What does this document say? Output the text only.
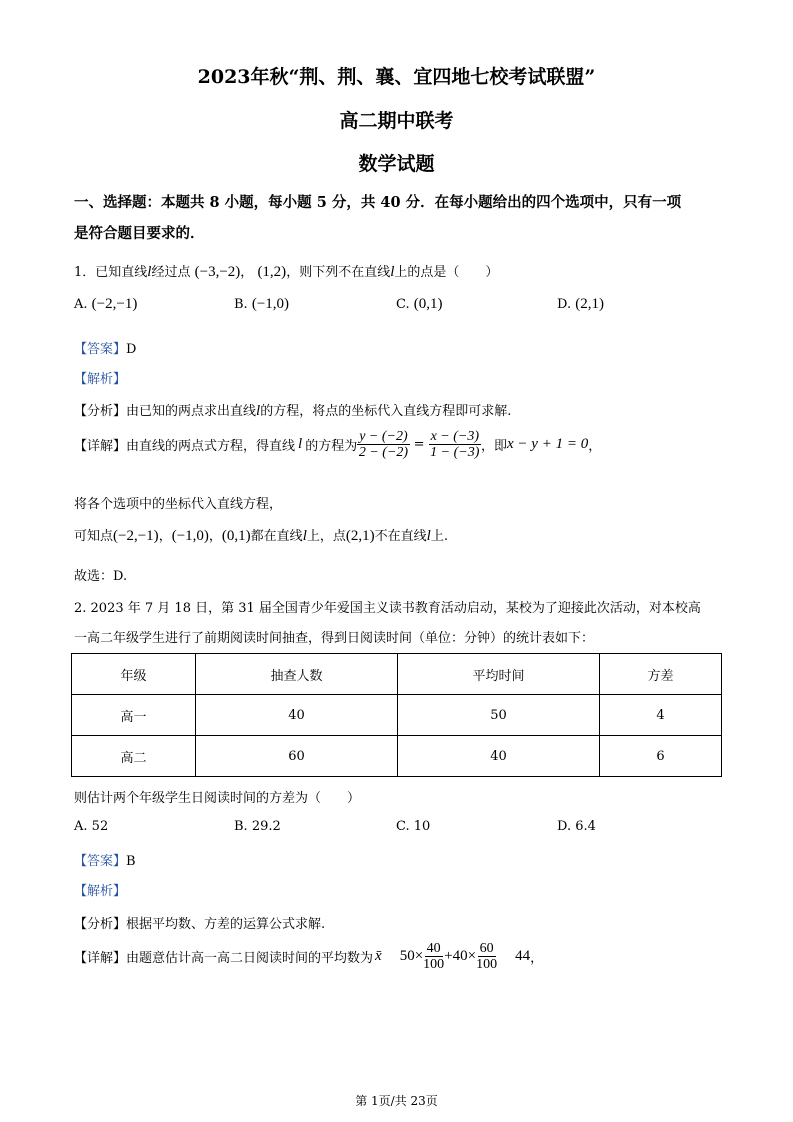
2023年秋“荆、荆、襄、宜四地七校考试联盟”
高二期中联考
数学试题
一、选择题：本题共 8 小题，每小题 5 分，共 40 分．在每小题给出的四个选项中，只有一项
是符合题目要求的．
1．已知直线l经过点 (−3,−2)， (1,2)，则下列不在直线l上的点是（　　）
A. (−2,−1)	B. (−1,0)	C. (0,1)	D. (2,1)
【答案】D
【解析】
【分析】由已知的两点求出直线l的方程，将点的坐标代入直线方程即可求解.
【详解】 由直线的两点式方程，得直线 l 的方程为 $\frac{y - (-2)}{2 - (-2)} = \frac{x - (-3)}{1 - (-3)}$ ，即 x − y + 1 = 0 ，
将各个选项中的坐标代入直线方程，
可知点(−2,−1)，(−1,0)，(0,1)都在直线l上，点(2,1)不在直线l上.
故选：D.
2. 2023 年 7 月 18 日，第 31 届全国青少年爱国主义读书教育活动启动，某校为了迎接此次活动，对本校高
一高二年级学生进行了前期阅读时间抽查，得到日阅读时间（单位：分钟）的统计表如下：
年级	抽查人数	平均时间	方差
高一	40	50	4
高二	60	40	6
则估计两个年级学生日阅读时间的方差为（　　）
A. 52	B. 29.2	C. 10	D. 6.4
【答案】B
【解析】
【分析】根据平均数、方差的运算公式求解.
【详解】 由题意估计高一高二日阅读时间的平均数为 x̄ $50\times \frac{40}{100} +40\times \frac{60}{100} 44$ ，
第 1页/共 23页
